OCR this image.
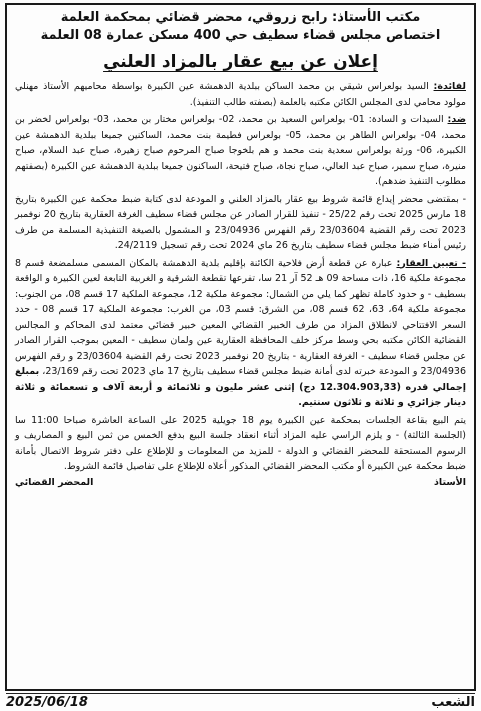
مكتب الأستاذ: رابح زروقي، محضر قضائي بمحكمة العلمة
اختصاص مجلس قضاء سطيف حي 400 مسكن عمارة 08 العلمة
إعلان عن بيع عقار بالمزاد العلني

لفائدة: السيد بولعراس شيقي بن محمد الساكن ببلدية الدهمشة عين الكبيرة بواسطة محاميهم الأستاذ مهنلي مولود محامي لدى المجلس الكائن مكتبه بالعلمة (بصفته طالب التنفيذ).

ضد: السيدات و السادة: 01- بولعراس السعيد بن محمد، 02- بولعراس مختار بن محمد، 03- بولعراس لخضر بن محمد، 04- بولعراس الطاهر بن محمد، 05- بولعراس فطيمة بنت محمد، الساكنين جميعا ببلدية الدهمشة عين الكبيرة، 06- ورثة بولعراس سعدية بنت محمد و هم بلخوجا صباح المرحوم صباح زهيرة، صباح عبد السلام، صباح منيرة، صباح سمير، صباح عبد العالي، صباح نجاة، صباح فتيحة، الساكنون جميعا ببلدية الدهمشة عين الكبيرة (بصفتهم مطلوب التنفيذ ضدهم).

- بمقتضى محضر إيداع قائمة شروط بيع عقار بالمزاد العلني و المودعة لدى كتابة ضبط محكمة عين الكبيرة بتاريخ 18 مارس 2025 تحت رقم 25/22 - تنفيذ للقرار الصادر عن مجلس قضاء سطيف الغرفة العقارية بتاريخ 20 نوفمبر 2023 تحت رقم القضية 23/03604 رقم الفهرس 23/04936 و المشمول بالصيغة التنفيذية المسلمة من طرف رئيس أمناء ضبط مجلس قضاء سطيف بتاريخ 26 ماي 2024 تحت رقم تسجيل 24/2119.

- تعيين العقار: عبارة عن قطعة أرض فلاحية الكائنة بإقليم بلدية الدهمشة بالمكان المسمى مسلمضعة قسم 8 مجموعة ملكية 16، ذات مساحة 09 هـ 52 آر 21 سا، تفرعها تقطعة الشرقية و الغربية التابعة لعين الكبيرة و الواقعة بسطيف - و حدود كاملة تظهر كما يلي من الشمال: مجموعة ملكية 12، مجموعة الملكية 17 قسم 08، من الجنوب: مجموعة ملكية 64، 63، 62 قسم 08، من الشرق: قسم 03، من الغرب: مجموعة الملكية 17 قسم 08 - حدد السعر الافتتاحي لانطلاق المزاد من طرف الخبير القضائي المعين خبير قضائي معتمد لدى المحاكم و المجالس القضائية الكائن مكتبه بحي وسط مركز خلف المحافظة العقارية عين ولمان سطيف - المعين بموجب القرار الصادر عن مجلس قضاء سطيف - الغرفة العقارية - بتاريخ 20 نوفمبر 2023 تحت رقم القضية 23/03604 و رقم الفهرس 23/04936 و المودعة خبرته لدى أمانة ضبط مجلس قضاء سطيف بتاريخ 17 ماي 2023 تحت رقم 23/169، بمبلغ إجمالي قدره (12.304.903,33 دج) إثنى عشر مليون و ثلاثمائة و أربعة آلاف و تسعمائة و ثلاثة دينار جزائري و ثلاثة و ثلاثون سنتيم.

يتم البيع بقاعة الجلسات بمحكمة عين الكبيرة يوم 18 جويلية 2025 على الساعة العاشرة صباحا 11:00 سا (الجلسة الثالثة) - و يلزم الراسي عليه المزاد أثناء انعقاد جلسة البيع بدفع الخمس من ثمن البيع و المصاريف و الرسوم المستحقة للمحضر القضائي و الدولة - للمزيد من المعلومات و للإطلاع على دفتر شروط الاتصال بأمانة ضبط محكمة عين الكبيرة أو مكتب المحضر القضائي المذكور أعلاه للإطلاع على تفاصيل قائمة الشروط.

الأستاذ
المحضر القضائي
الشعب
2025/06/18
